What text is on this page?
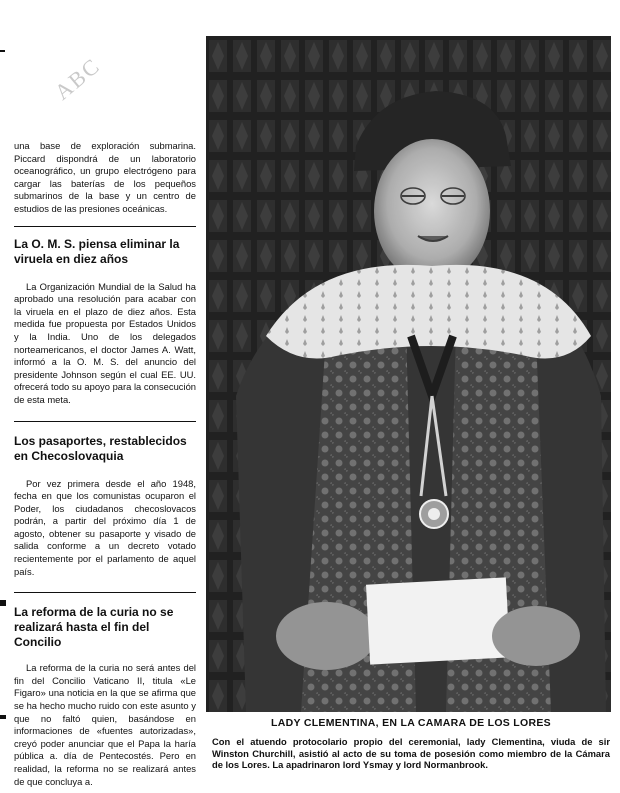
ABC

una base de exploración submarina. Piccard dispondrá de un laboratorio oceanográfico, un grupo electrógeno para cargar las baterías de los pequeños submarinos de la base y un centro de estudios de las presiones oceánicas.

La O. M. S. piensa eliminar la viruela en diez años

La Organización Mundial de la Salud ha aprobado una resolución para acabar con la viruela en el plazo de diez años. Esta medida fue propuesta por Estados Unidos y la India. Uno de los delegados norteamericanos, el doctor James A. Watt, informó a la O. M. S. del anuncio del presidente Johnson según el cual EE. UU. ofrecerá todo su apoyo para la consecución de esta meta.

Los pasaportes, restablecidos en Checoslovaquia

Por vez primera desde el año 1948, fecha en que los comunistas ocuparon el Poder, los ciudadanos checoslovacos podrán, a partir del próximo día 1 de agosto, obtener su pasaporte y visado de salida conforme a un decreto votado recientemente por el parlamento de aquel país.

La reforma de la curia no se realizará hasta el fin del Concilio

La reforma de la curia no será antes del fin del Concilio Vaticano II, titula «Le Figaro» una noticia en la que se afirma que se ha hecho mucho ruido con este asunto y que no faltó quien, basándose en informaciones de «fuentes autorizadas», creyó poder anunciar que el Papa la haría pública a. día de Pentecostés. Pero en realidad, la reforma no se realizará antes de que concluya a.

LADY CLEMENTINA, EN LA CAMARA DE LOS LORES

Con el atuendo protocolario propio del ceremonial, lady Clementina, viuda de sir Winston Churchill, asistió al acto de su toma de posesión como miembro de la Cámara de los Lores. La apadrinaron lord Ysmay y lord Normanbrook.
